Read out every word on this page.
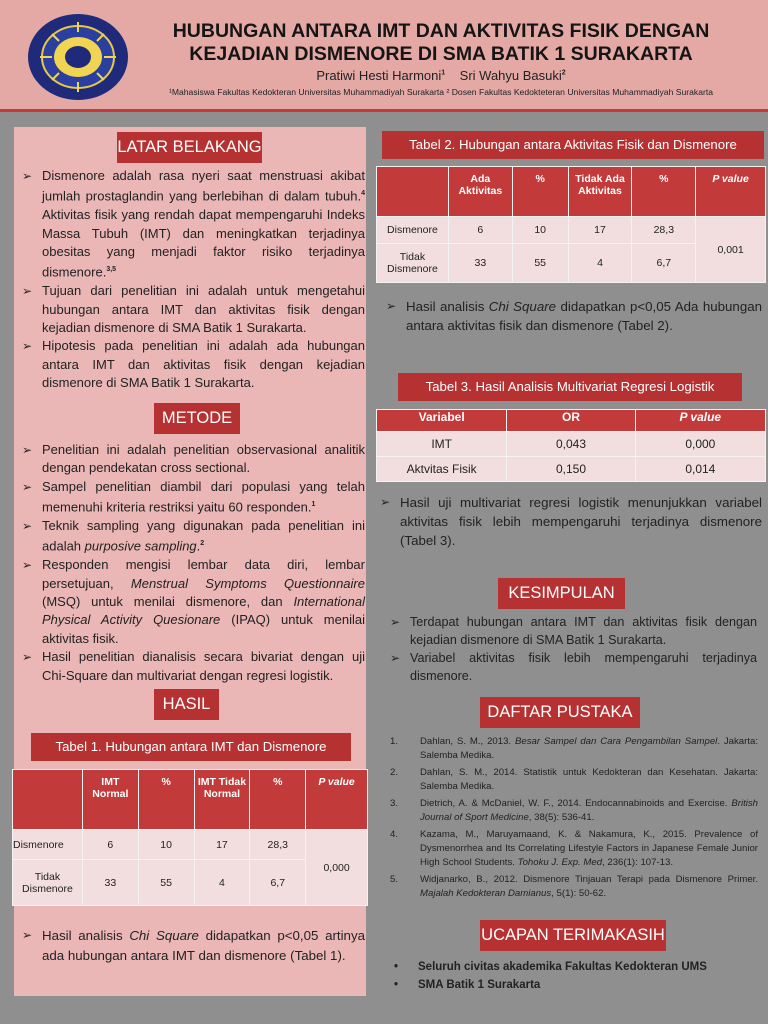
HUBUNGAN ANTARA IMT DAN AKTIVITAS FISIK DENGAN
KEJADIAN DISMENORE DI SMA BATIK 1 SURAKARTA
Pratiwi Hesti Harmoni$^1$ Sri Wahyu Basuki$^2$
¹Mahasiswa Fakultas Kedokteran Universitas Muhammadiyah Surakarta ² Dosen Fakultas Kedokteteran Universitas Muhammadiyah Surakarta
LATAR BELAKANG
➢ Dismenore adalah rasa nyeri saat menstruasi akibat jumlah prostaglandin yang berlebihan di dalam tubuh.$^4$ Aktivitas fisik yang rendah dapat mempengaruhi Indeks Massa Tubuh (IMT) dan meningkatkan terjadinya obesitas yang menjadi faktor risiko terjadinya dismenore.$^{3,5}$
➢ Tujuan dari penelitian ini adalah untuk mengetahui hubungan antara IMT dan aktivitas fisik dengan kejadian dismenore di SMA Batik 1 Surakarta.
➢ Hipotesis pada penelitian ini adalah ada hubungan antara IMT dan aktivitas fisik dengan kejadian dismenore di SMA Batik 1 Surakarta.
METODE
➢ Penelitian ini adalah penelitian observasional analitik dengan pendekatan cross sectional.
➢ Sampel penelitian diambil dari populasi yang telah memenuhi kriteria restriksi yaitu 60 responden.$^1$
➢ Teknik sampling yang digunakan pada penelitian ini adalah purposive sampling.$^2$
➢ Responden mengisi lembar data diri, lembar persetujuan, Menstrual Symptoms Questionnaire (MSQ) untuk menilai dismenore, dan International Physical Activity Quesionare (IPAQ) untuk menilai aktivitas fisik.
➢ Hasil penelitian dianalisis secara bivariat dengan uji Chi-Square dan multivariat dengan regresi logistik.
HASIL
Tabel 1. Hubungan antara IMT dan Dismenore
	IMT Normal	%	IMT Tidak Normal	%	P value
Dismenore	6	10	17	28,3	0,000
Tidak Dismenore	33	55	4	6,7	
➢ Hasil analisis Chi Square didapatkan p<0,05 artinya ada hubungan antara IMT dan dismenore (Tabel 1).
Tabel 2. Hubungan antara Aktivitas Fisik dan Dismenore
	Ada Aktivitas	%	Tidak Ada Aktivitas	%	P value
Dismenore	6	10	17	28,3	0,001
Tidak Dismenore	33	55	4	6,7	
➢ Hasil analisis Chi Square didapatkan p<0,05 Ada hubungan antara aktivitas fisik dan dismenore (Tabel 2).
Tabel 3. Hasil Analisis Multivariat Regresi Logistik
Variabel	OR	P value
IMT	0,043	0,000
Aktvitas Fisik	0,150	0,014
➢ Hasil uji multivariat regresi logistik menunjukkan variabel aktivitas fisik lebih mempengaruhi terjadinya dismenore (Tabel 3).
KESIMPULAN
➢ Terdapat hubungan antara IMT dan aktivitas fisik dengan kejadian dismenore di SMA Batik 1 Surakarta.
➢ Variabel aktivitas fisik lebih mempengaruhi terjadinya dismenore.
DAFTAR PUSTAKA
1. Dahlan, S. M., 2013. Besar Sampel dan Cara Pengambilan Sampel. Jakarta: Salemba Medika.
2. Dahlan, S. M., 2014. Statistik untuk Kedokteran dan Kesehatan. Jakarta: Salemba Medika.
3. Dietrich, A. & McDaniel, W. F., 2014. Endocannabinoids and Exercise. British Journal of Sport Medicine, 38(5): 536-41.
4. Kazama, M., Maruyamaand, K. & Nakamura, K., 2015. Prevalence of Dysmenorrhea and Its Correlating Lifestyle Factors in Japanese Female Junior High School Students. Tohoku J. Exp. Med, 236(1): 107-13.
5. Widjanarko, B., 2012. Dismenore Tinjauan Terapi pada Dismenore Primer. Majalah Kedokteran Damianus, 5(1): 50-62.
UCAPAN TERIMAKASIH
• Seluruh civitas akademika Fakultas Kedokteran UMS
• SMA Batik 1 Surakarta
